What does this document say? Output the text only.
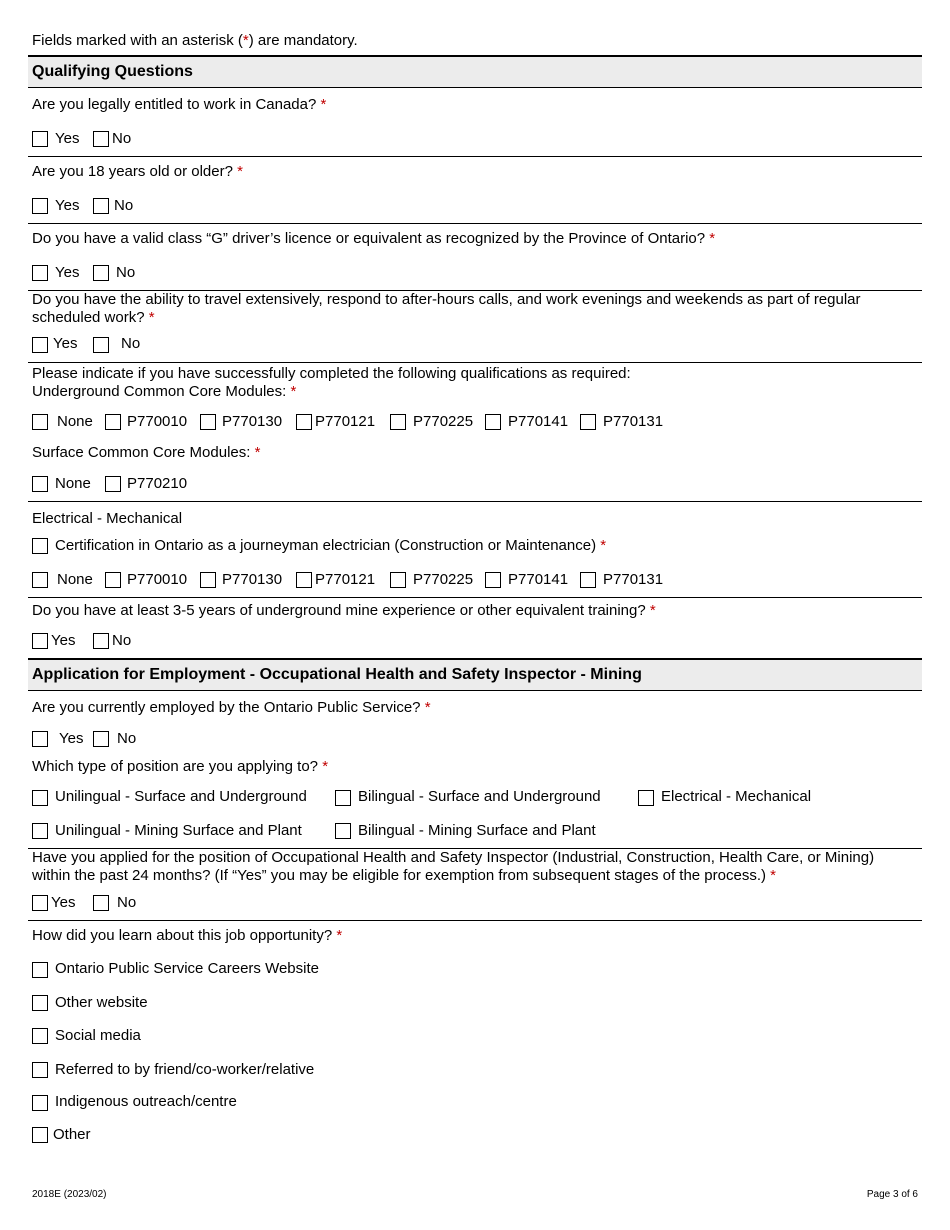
Fields marked with an asterisk (*) are mandatory.
Qualifying Questions
Are you legally entitled to work in Canada? *
Yes No
Are you 18 years old or older? *
Yes No
Do you have a valid class “G” driver’s licence or equivalent as recognized by the Province of Ontario? *
Yes No
Do you have the ability to travel extensively, respond to after-hours calls, and work evenings and weekends as part of regular
scheduled work? *
Yes	No
Please indicate if you have successfully completed the following qualifications as required:
Underground Common Core Modules: *
None P770010 P770130 P770121	P770225 P770141 P770131
Surface Common Core Modules: *
None P770210
Electrical - Mechanical
Certification in Ontario as a journeyman electrician (Construction or Maintenance) *
None P770010 P770130 P770121	P770225 P770141 P770131
Do you have at least 3-5 years of underground mine experience or other equivalent training? *
Yes No
Application for Employment - Occupational Health and Safety Inspector - Mining
Are you currently employed by the Ontario Public Service? *
Yes No
Which type of position are you applying to? *
Unilingual - Surface and Underground	Bilingual - Surface and Underground	Electrical - Mechanical
Unilingual - Mining Surface and Plant	Bilingual - Mining Surface and Plant
Have you applied for the position of Occupational Health and Safety Inspector (Industrial, Construction, Health Care, or Mining)
within the past 24 months? (If “Yes” you may be eligible for exemption from subsequent stages of the process.) *
Yes	No
How did you learn about this job opportunity? *
Ontario Public Service Careers Website
Other website
Social media
Referred to by friend/co-worker/relative
Indigenous outreach/centre
Other
2018E (2023/02)	Page 3 of 6
